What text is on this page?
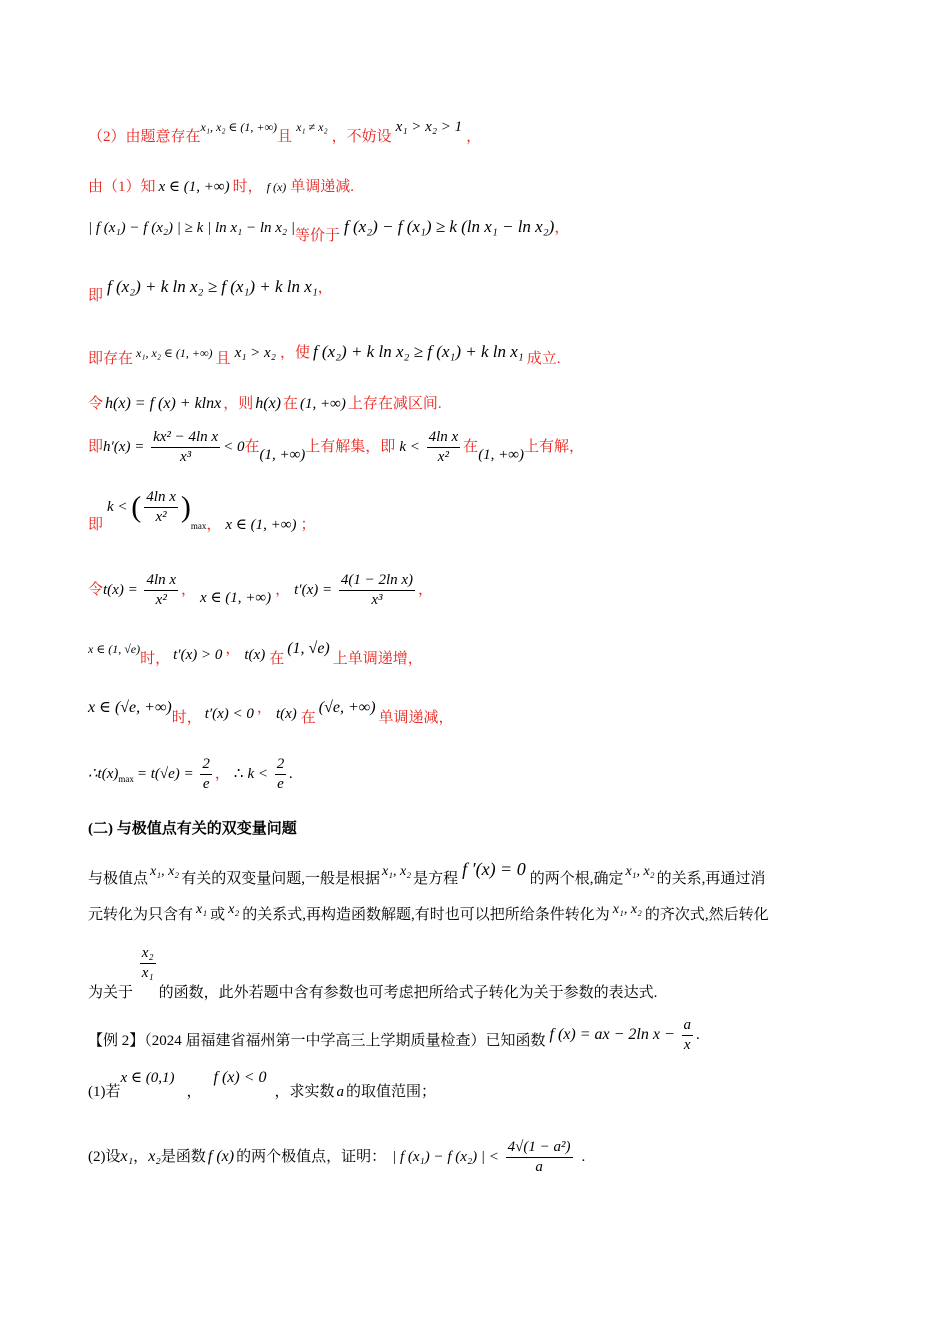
（2）由题意存在$^{x_1, x_2 \in (1, +\infty)}$且$^{x_1 \ne x_2}$，不妨设x₁ > x₂ > 1，
由（1）知 x ∈ (1, +∞) 时， f (x) 单调递减.
| f (x₁) − f (x₂) | ≥ k | ln x₁ − ln x₂ |等价于 f (x₂) − f (x₁) ≥ k (ln x₁ − ln x₂)，
即 f (x₂) + k ln x₂ ≥ f (x₁) + k ln x₁，
即存在 x₁, x₂ ∈ (1, +∞) 且 x₁ > x₂ ，使 f (x₂) + k ln x₂ ≥ f (x₁) + k ln x₁ 成立.
令 h(x) = f (x) + klnx ，则 h(x) 在 (1, +∞) 上存在减区间.
即$h'(x) = \frac{\text{kx² − 4ln x}}{\text{x³}} < 0$在(1, +∞)上有解集，即 $k < \frac{\text{4ln x}}{\text{x²}}$ 在(1, +∞)上有解，
即k < ( $\frac{\text{4ln x}}{\text{x²}} )_{max}$， x ∈ (1, +∞) ；
令$t(x) = \frac{\text{4ln x}}{\text{x²}}$ ， x ∈ (1, +∞) ， $t'(x) = \frac{\text{4(1 − 2ln x)}}{\text{x³}}$ ，
x ∈ (1, √e)时， t′(x) > 0 ， t(x) 在(1, √e)上单调递增，
x ∈ (√e, +∞)时， t′(x) < 0 ， t(x) 在(√e, +∞)单调递减，
$\therefore t(x)_{max} = t(√e) = \frac{2}{e}$ ， ∴ $k < \frac{2}{e}$ .
(二) 与极值点有关的双变量问题
与极值点 x₁, x₂ 有关的双变量问题,一般是根据 x₁, x₂ 是方程 f ′(x) = 0 的两个根,确定 x₁, x₂ 的关系,再通过消
元转化为只含有 x₁ 或 x₂ 的关系式,再构造函数解题,有时也可以把所给条件转化为 x₁, x₂ 的齐次式,然后转化
为关于
$\frac{\text{x₂}}{\text{x₁}}$
的函数，此外若题中含有参数也可考虑把所给式子转化为关于参数的表达式.
【例 2】（2024 届福建省福州第一中学高三上学期质量检查）已知函数 f (x) = ax − 2ln $x - \frac{a}{x}$ .
(1)若x ∈ (0,1)，f (x) < 0，求实数 a 的取值范围；
(2)设x₁，x₂是函数 f (x) 的两个极值点，证明： | f (x₁) − f (x₂) | < $\frac{\text{4√(1 − a²)}}{a}$ .
